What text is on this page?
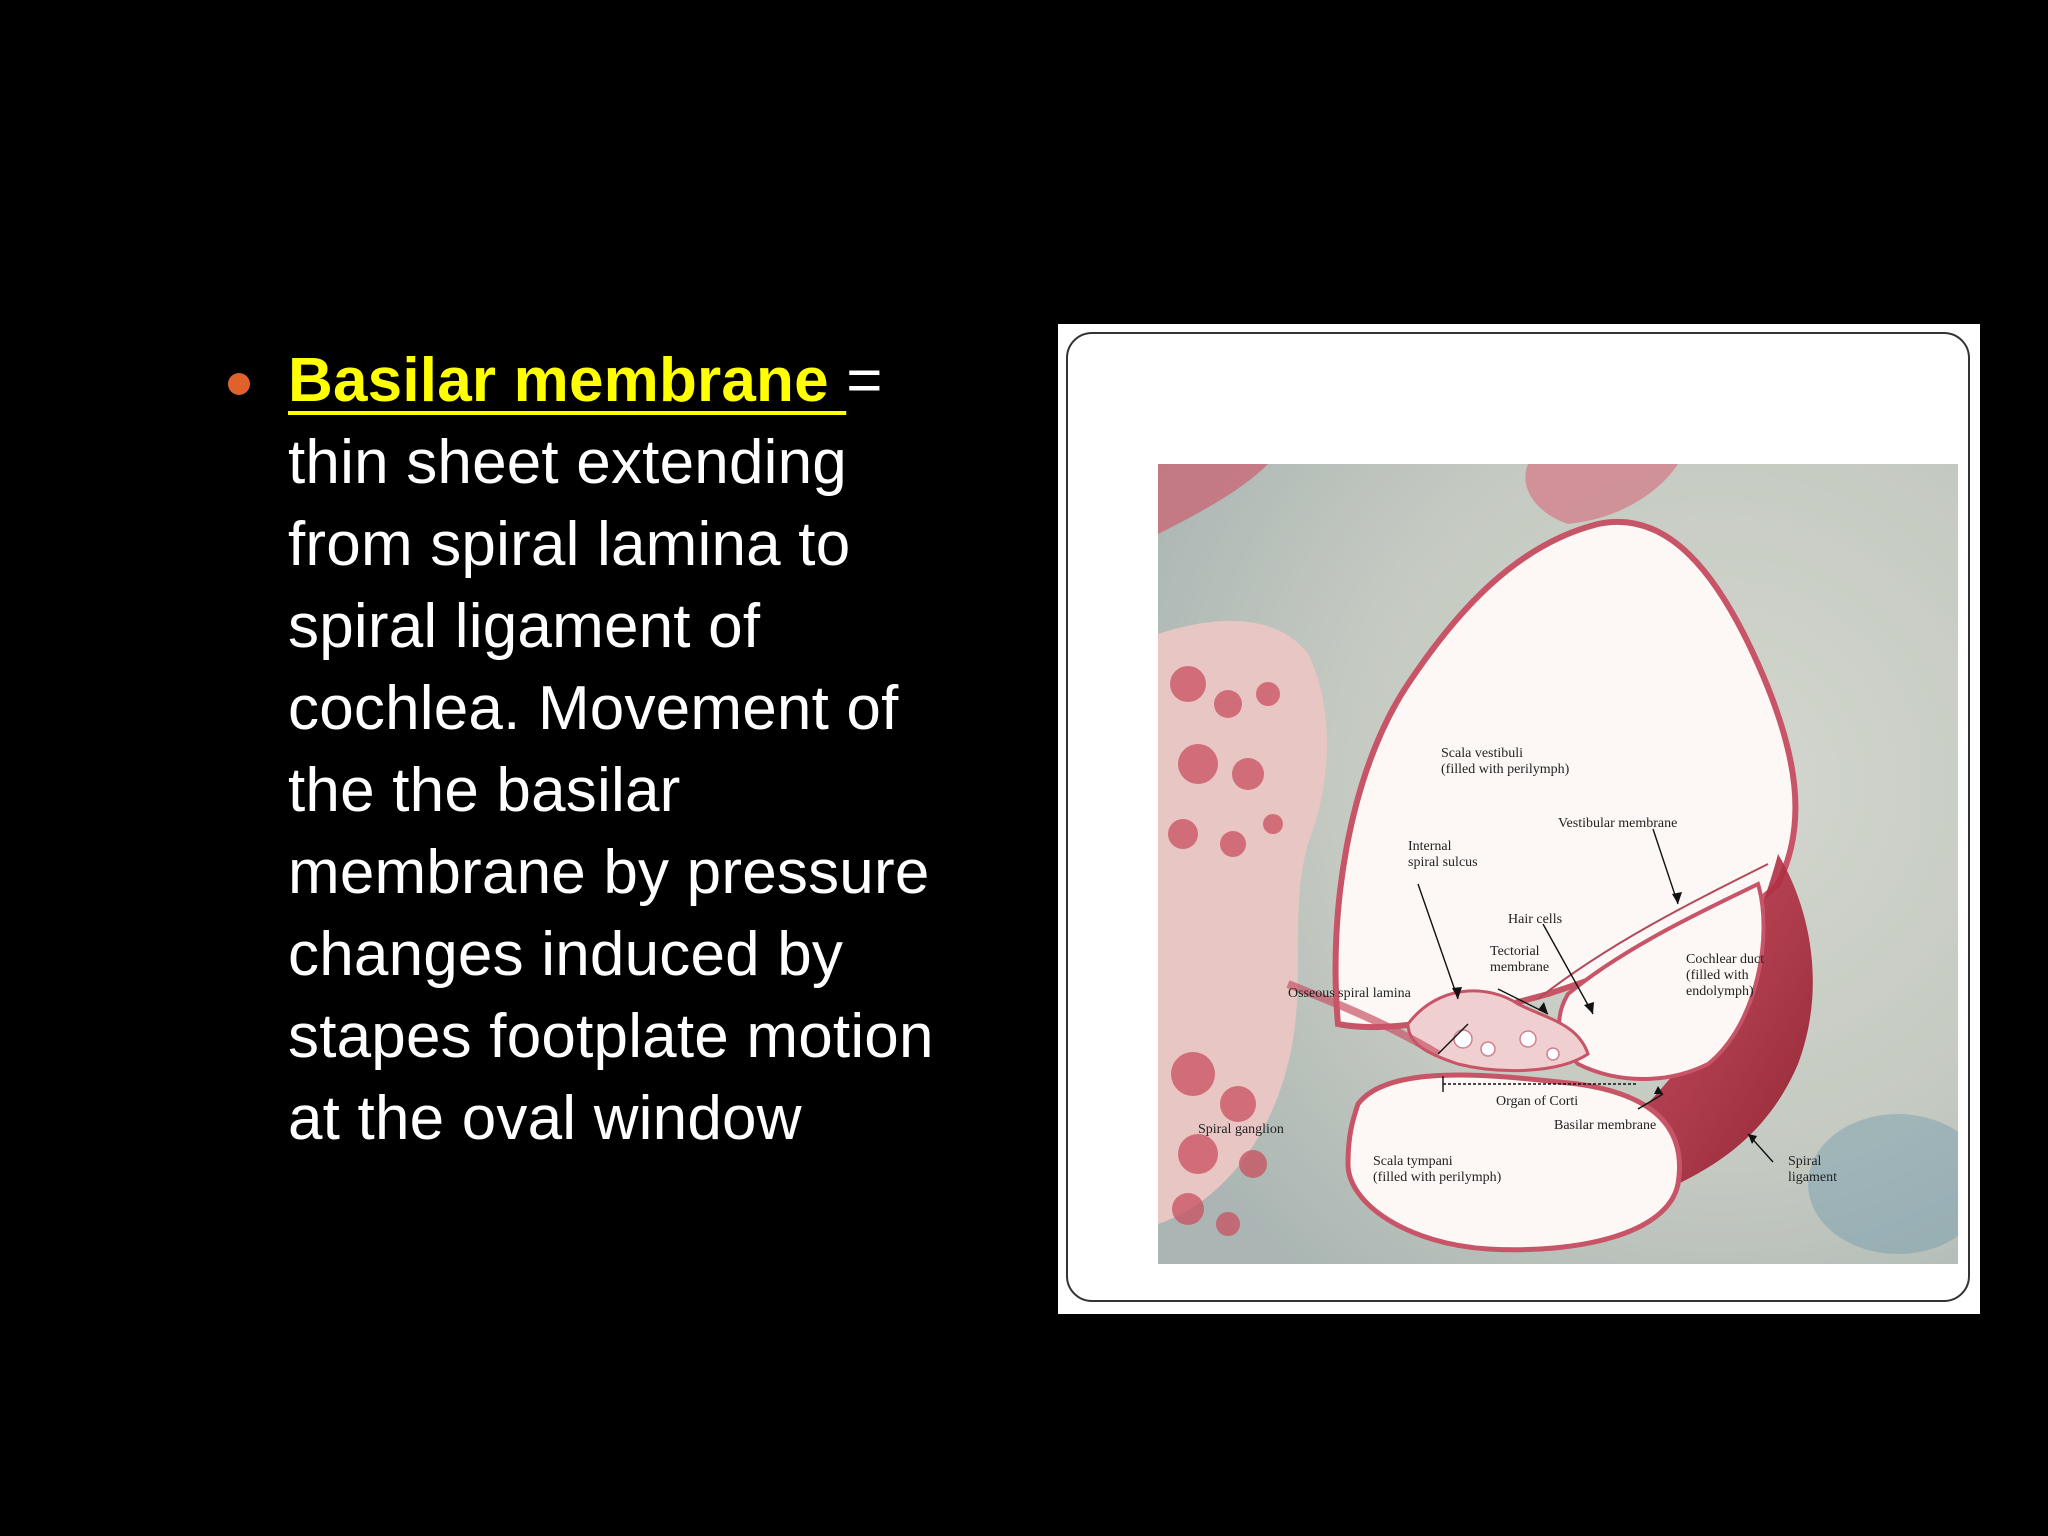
Basilar membrane =
thin sheet extending
from spiral lamina to
spiral ligament of
cochlea. Movement of
the the basilar
membrane by pressure
changes induced by
stapes footplate motion
at the oval window
Scala vestibuli
(filled with perilymph)
Vestibular membrane
Internal
spiral sulcus
Hair cells
Tectorial
membrane
Osseous spiral lamina
Cochlear duct
(filled with
endolymph)
Organ of Corti
Basilar membrane
Spiral ganglion
Scala tympani
(filled with perilymph)
Spiral
ligament
